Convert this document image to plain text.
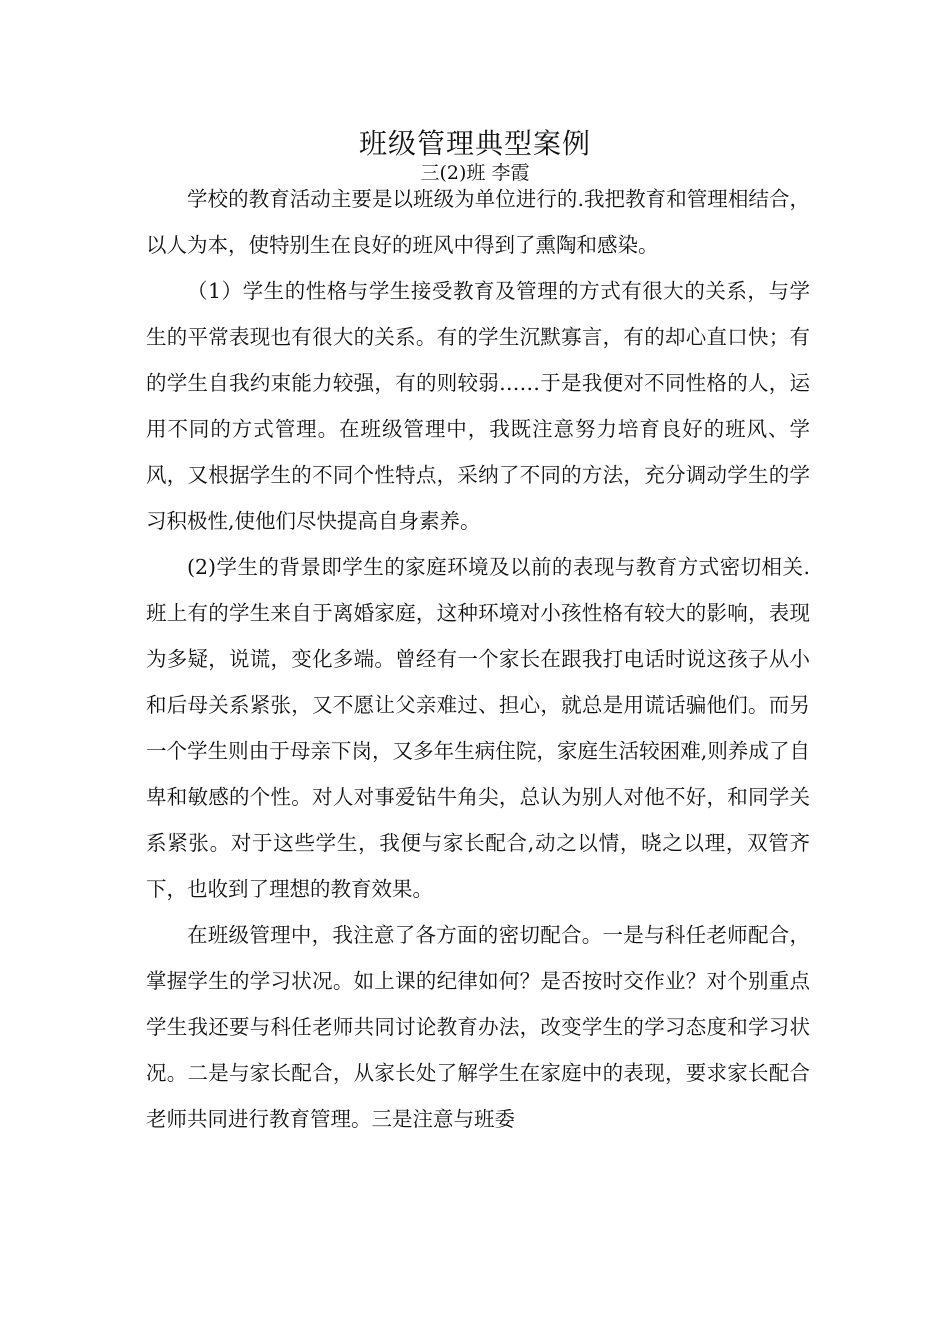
班级管理典型案例
三(2)班 李霞

学校的教育活动主要是以班级为单位进行的.我把教育和管理相结合，以人为本，使特别生在良好的班风中得到了熏陶和感染。

（1）学生的性格与学生接受教育及管理的方式有很大的关系，与学生的平常表现也有很大的关系。有的学生沉默寡言，有的却心直口快；有的学生自我约束能力较强，有的则较弱……于是我便对不同性格的人，运用不同的方式管理。在班级管理中，我既注意努力培育良好的班风、学风，又根据学生的不同个性特点，采纳了不同的方法，充分调动学生的学习积极性,使他们尽快提高自身素养。

(2)学生的背景即学生的家庭环境及以前的表现与教育方式密切相关.班上有的学生来自于离婚家庭，这种环境对小孩性格有较大的影响，表现为多疑，说谎，变化多端。曾经有一个家长在跟我打电话时说这孩子从小和后母关系紧张，又不愿让父亲难过、担心，就总是用谎话骗他们。而另一个学生则由于母亲下岗，又多年生病住院，家庭生活较困难,则养成了自卑和敏感的个性。对人对事爱钻牛角尖，总认为别人对他不好，和同学关系紧张。对于这些学生，我便与家长配合,动之以情，晓之以理，双管齐下，也收到了理想的教育效果。

在班级管理中，我注意了各方面的密切配合。一是与科任老师配合，掌握学生的学习状况。如上课的纪律如何？是否按时交作业？对个别重点学生我还要与科任老师共同讨论教育办法，改变学生的学习态度和学习状况。二是与家长配合，从家长处了解学生在家庭中的表现，要求家长配合老师共同进行教育管理。三是注意与班委
